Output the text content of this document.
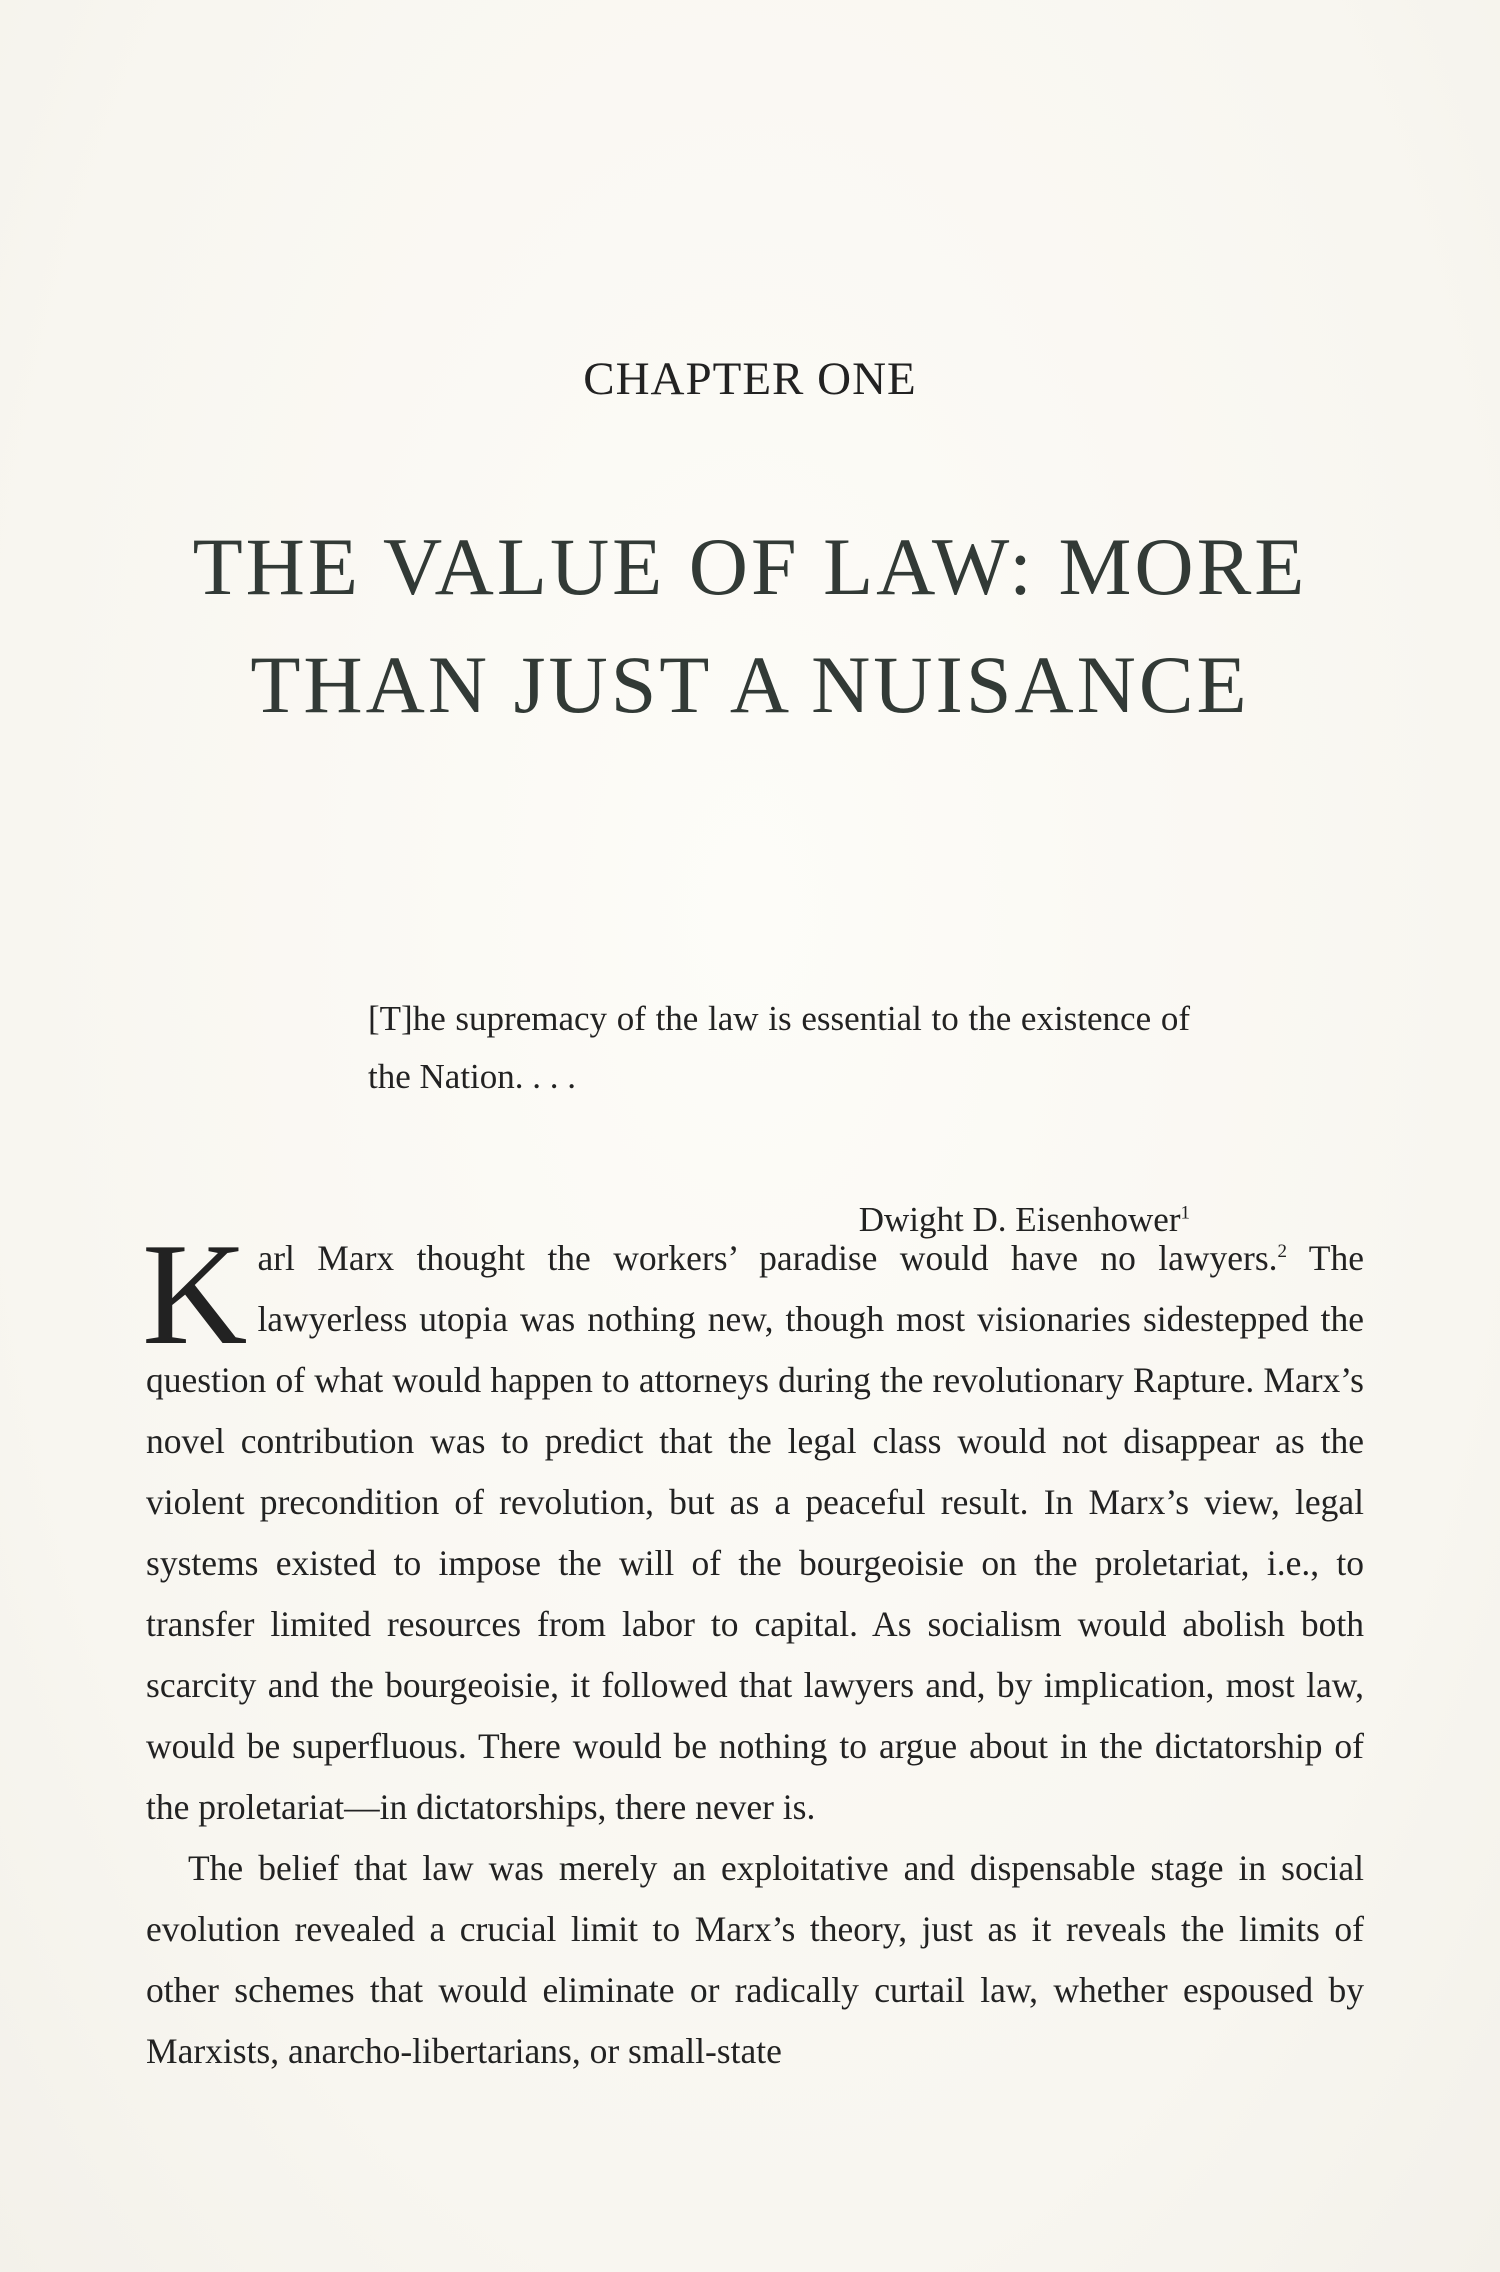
CHAPTER ONE
THE VALUE OF LAW: MORE
THAN JUST A NUISANCE
[T]he supremacy of the law is essential to the existence of the Nation. . . .
Dwight D. Eisenhower$^1$

Karl Marx thought the workers’ paradise would have no lawyers.$^2$ The lawyerless utopia was nothing new, though most visionaries sidestepped the question of what would happen to attorneys during the revolutionary Rapture. Marx’s novel contribution was to predict that the legal class would not disappear as the violent precondition of revolution, but as a peaceful result. In Marx’s view, legal systems existed to impose the will of the bourgeoisie on the proletariat, i.e., to transfer limited resources from labor to capital. As socialism would abolish both scarcity and the bourgeoisie, it followed that lawyers and, by implication, most law, would be superfluous. There would be nothing to argue about in the dictatorship of the proletariat—in dictatorships, there never is.

The belief that law was merely an exploitative and dispensable stage in social evolution revealed a crucial limit to Marx’s theory, just as it reveals the limits of other schemes that would eliminate or radically curtail law, whether espoused by Marxists, anarcho-libertarians, or small-state
